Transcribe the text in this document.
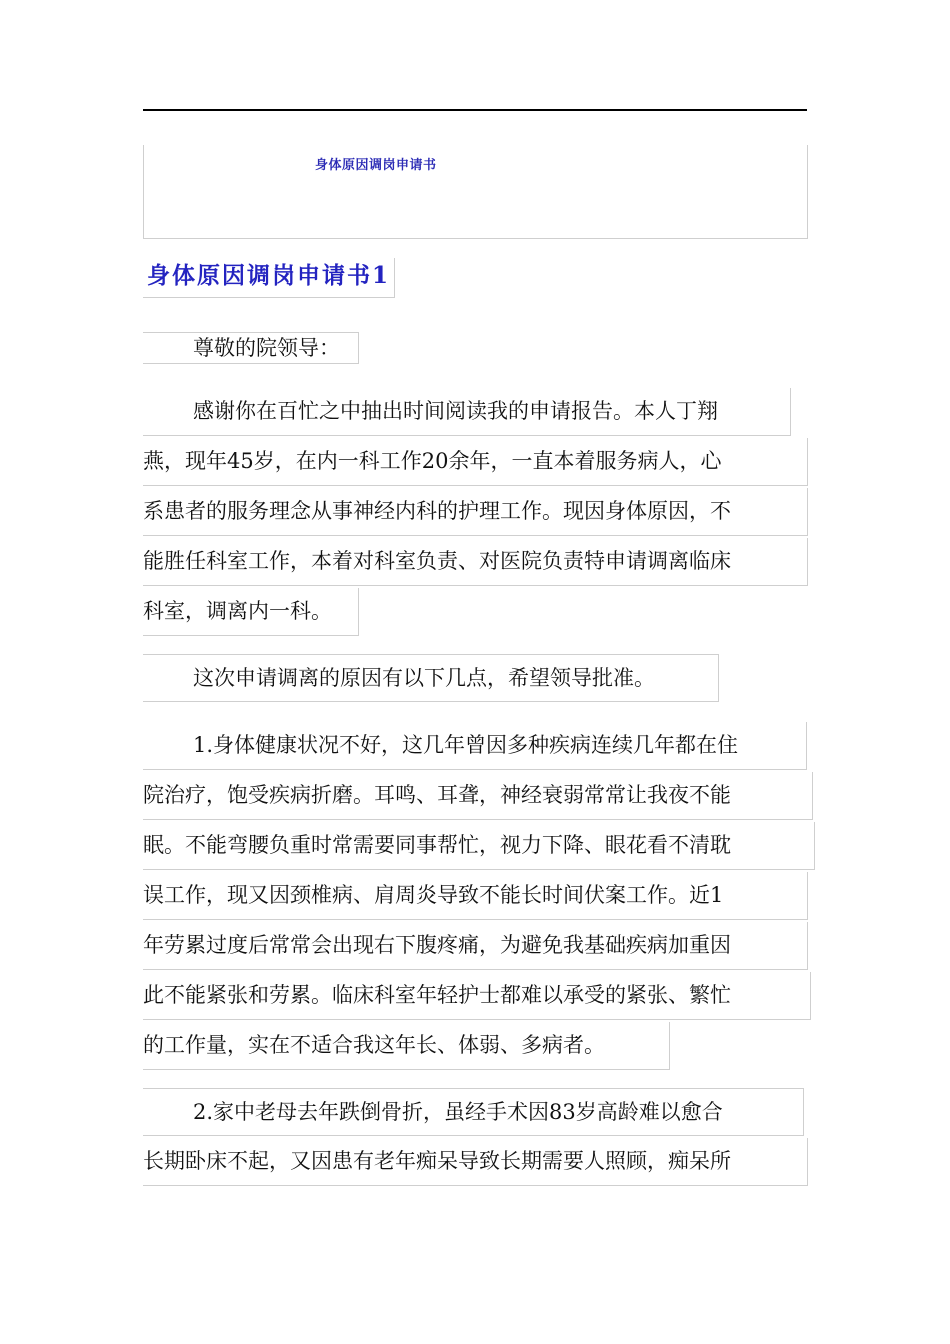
身体原因调岗申请书
身体原因调岗申请书1
尊敬的院领导：
感谢你在百忙之中抽出时间阅读我的申请报告。本人丁翔
燕，现年45岁，在内一科工作20余年，一直本着服务病人，心
系患者的服务理念从事神经内科的护理工作。现因身体原因，不
能胜任科室工作，本着对科室负责、对医院负责特申请调离临床
科室，调离内一科。
这次申请调离的原因有以下几点，希望领导批准。
1.身体健康状况不好，这几年曾因多种疾病连续几年都在住
院治疗，饱受疾病折磨。耳鸣、耳聋，神经衰弱常常让我夜不能
眠。不能弯腰负重时常需要同事帮忙，视力下降、眼花看不清耽
误工作，现又因颈椎病、肩周炎导致不能长时间伏案工作。近1
年劳累过度后常常会出现右下腹疼痛，为避免我基础疾病加重因
此不能紧张和劳累。临床科室年轻护士都难以承受的紧张、繁忙
的工作量，实在不适合我这年长、体弱、多病者。
2.家中老母去年跌倒骨折，虽经手术因83岁高龄难以愈合
长期卧床不起，又因患有老年痴呆导致长期需要人照顾，痴呆所
